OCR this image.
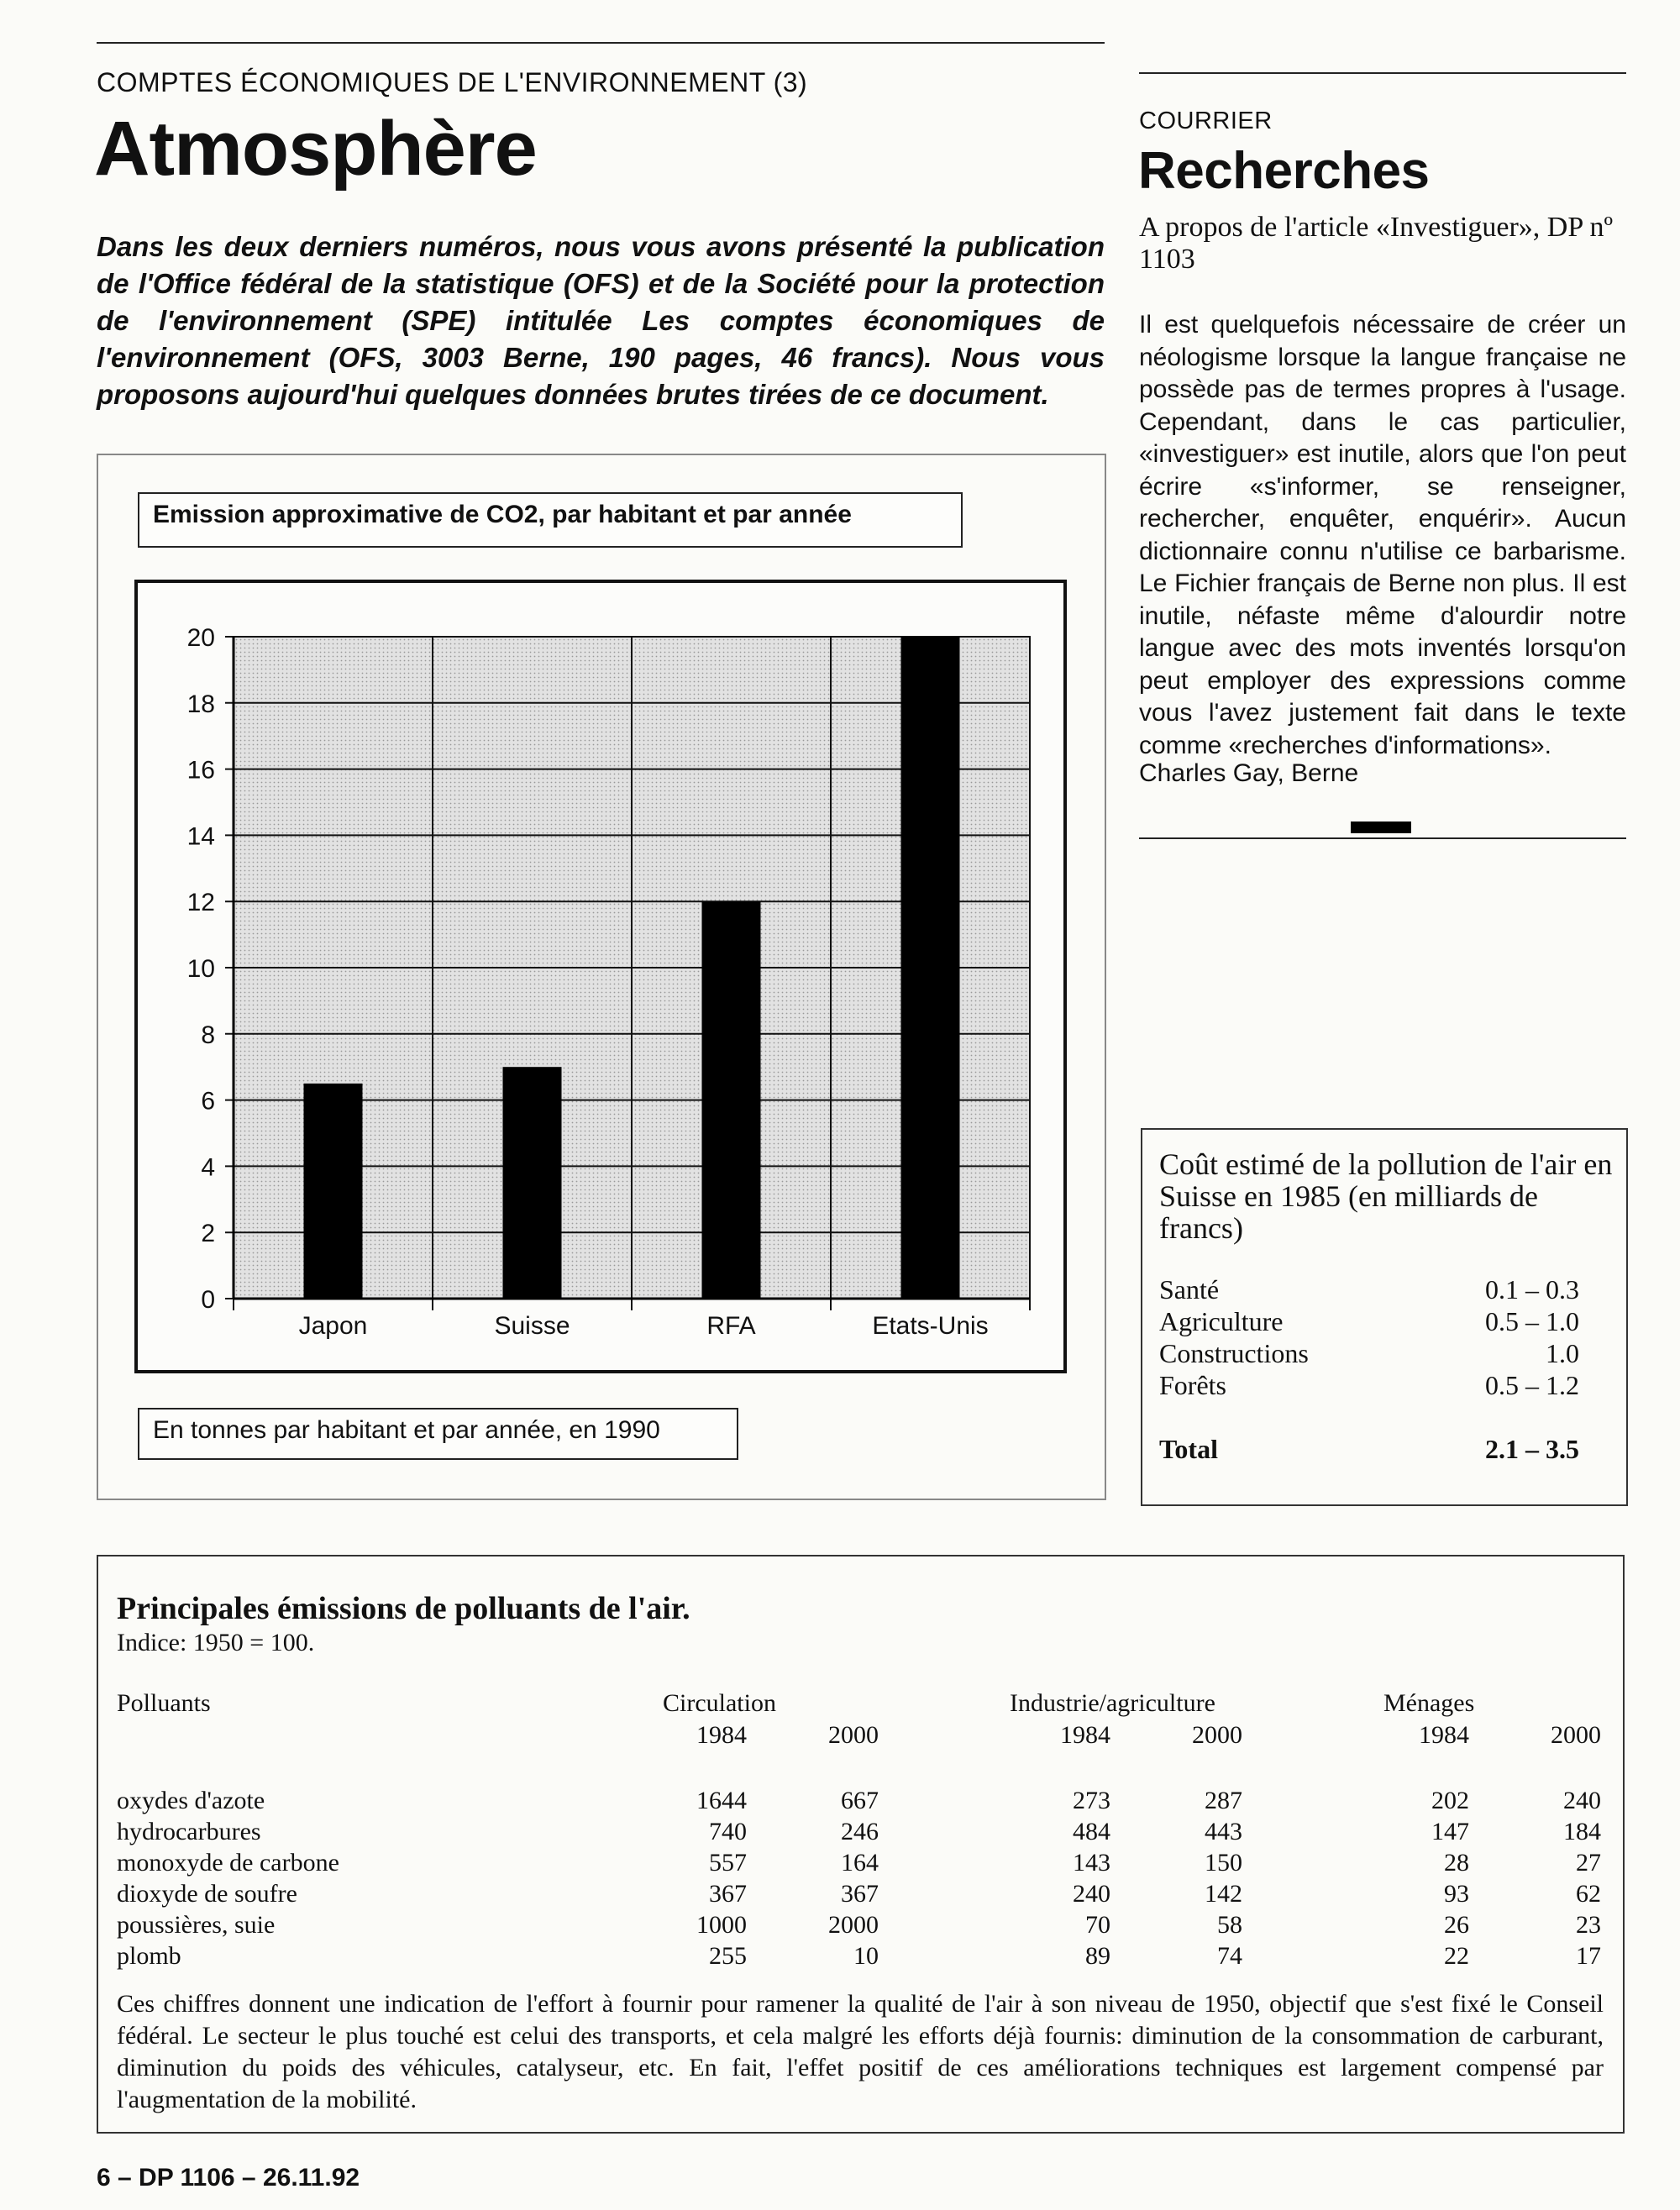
COMPTES ÉCONOMIQUES DE L'ENVIRONNEMENT (3)
Atmosphère
Dans les deux derniers numéros, nous vous avons présenté la publication de l'Office fédéral de la statistique (OFS) et de la Société pour la protection de l'environnement (SPE) intitulée Les comptes économiques de l'environnement (OFS, 3003 Berne, 190 pages, 46 francs). Nous vous proposons aujourd'hui quelques données brutes tirées de ce document.
Emission approximative de CO2, par habitant et par année
0
2
4
6
8
10
12
14
16
18
20
Japon	Suisse	RFA	Etats-Unis
En tonnes par habitant et par année, en 1990
COURRIER
Recherches
A propos de l'article «Investiguer», DP nº 1103
Il est quelquefois nécessaire de créer un néologisme lorsque la langue française ne possède pas de termes propres à l'usage. Cependant, dans le cas particulier, «investiguer» est inutile, alors que l'on peut écrire «s'informer, se renseigner, rechercher, enquêter, enquérir». Aucun dictionnaire connu n'utilise ce barbarisme. Le Fichier français de Berne non plus. Il est inutile, néfaste même d'alourdir notre langue avec des mots inventés lorsqu'on peut employer des expressions comme vous l'avez justement fait dans le texte comme «recherches d'informations».
Charles Gay, Berne
Coût estimé de la pollution de l'air en Suisse en 1985 (en milliards de francs)
Santé	0.1 – 0.3
Agriculture	0.5 – 1.0
Constructions	1.0
Forêts	0.5 – 1.2
Total	2.1 – 3.5
Principales émissions de polluants de l'air.
Indice: 1950 = 100.
Polluants	Circulation	Industrie/agriculture	Ménages
1984	2000	1984	2000	1984	2000
oxydes d'azote	1644	667	273	287	202	240
hydrocarbures	740	246	484	443	147	184
monoxyde de carbone	557	164	143	150	28	27
dioxyde de soufre	367	367	240	142	93	62
poussières, suie	1000	2000	70	58	26	23
plomb	255	10	89	74	22	17
Ces chiffres donnent une indication de l'effort à fournir pour ramener la qualité de l'air à son niveau de 1950, objectif que s'est fixé le Conseil fédéral. Le secteur le plus touché est celui des transports, et cela malgré les efforts déjà fournis: diminution de la consommation de carburant, diminution du poids des véhicules, catalyseur, etc. En fait, l'effet positif de ces améliorations techniques est largement compensé par l'augmentation de la mobilité.
6 – DP 1106 – 26.11.92
